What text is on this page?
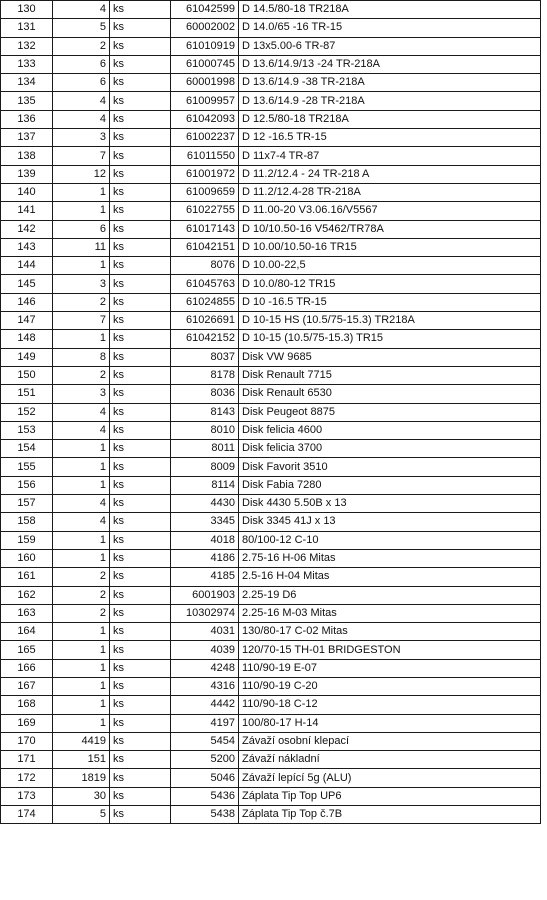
130	4	ks	61042599	D 14.5/80-18 TR218A
131	5	ks	60002002	D 14.0/65 -16 TR-15
132	2	ks	61010919	D 13x5.00-6 TR-87
133	6	ks	61000745	D 13.6/14.9/13 -24 TR-218A
134	6	ks	60001998	D 13.6/14.9 -38 TR-218A
135	4	ks	61009957	D 13.6/14.9 -28 TR-218A
136	4	ks	61042093	D 12.5/80-18 TR218A
137	3	ks	61002237	D 12 -16.5 TR-15
138	7	ks	61011550	D 11x7-4 TR-87
139	12	ks	61001972	D 11.2/12.4 - 24 TR-218 A
140	1	ks	61009659	D 11.2/12.4-28 TR-218A
141	1	ks	61022755	D 11.00-20 V3.06.16/V5567
142	6	ks	61017143	D 10/10.50-16 V5462/TR78A
143	11	ks	61042151	D 10.00/10.50-16 TR15
144	1	ks	8076	D 10.00-22,5
145	3	ks	61045763	D 10.0/80-12 TR15
146	2	ks	61024855	D 10 -16.5 TR-15
147	7	ks	61026691	D 10-15 HS (10.5/75-15.3) TR218A
148	1	ks	61042152	D 10-15 (10.5/75-15.3) TR15
149	8	ks	8037	Disk VW 9685
150	2	ks	8178	Disk Renault 7715
151	3	ks	8036	Disk Renault 6530
152	4	ks	8143	Disk Peugeot 8875
153	4	ks	8010	Disk felicia 4600
154	1	ks	8011	Disk felicia 3700
155	1	ks	8009	Disk Favorit 3510
156	1	ks	8114	Disk Fabia 7280
157	4	ks	4430	Disk 4430 5.50B x 13
158	4	ks	3345	Disk 3345 41J x 13
159	1	ks	4018	80/100-12 C-10
160	1	ks	4186	2.75-16 H-06 Mitas
161	2	ks	4185	2.5-16 H-04 Mitas
162	2	ks	6001903	2.25-19 D6
163	2	ks	10302974	2.25-16 M-03 Mitas
164	1	ks	4031	130/80-17 C-02 Mitas
165	1	ks	4039	120/70-15 TH-01 BRIDGESTON
166	1	ks	4248	110/90-19 E-07
167	1	ks	4316	110/90-19 C-20
168	1	ks	4442	110/90-18 C-12
169	1	ks	4197	100/80-17 H-14
170	4419	ks	5454	Závaží osobní klepací
171	151	ks	5200	Závaží nákladní
172	1819	ks	5046	Závaží lepící 5g (ALU)
173	30	ks	5436	Záplata Tip Top UP6
174	5	ks	5438	Záplata Tip Top č.7B
